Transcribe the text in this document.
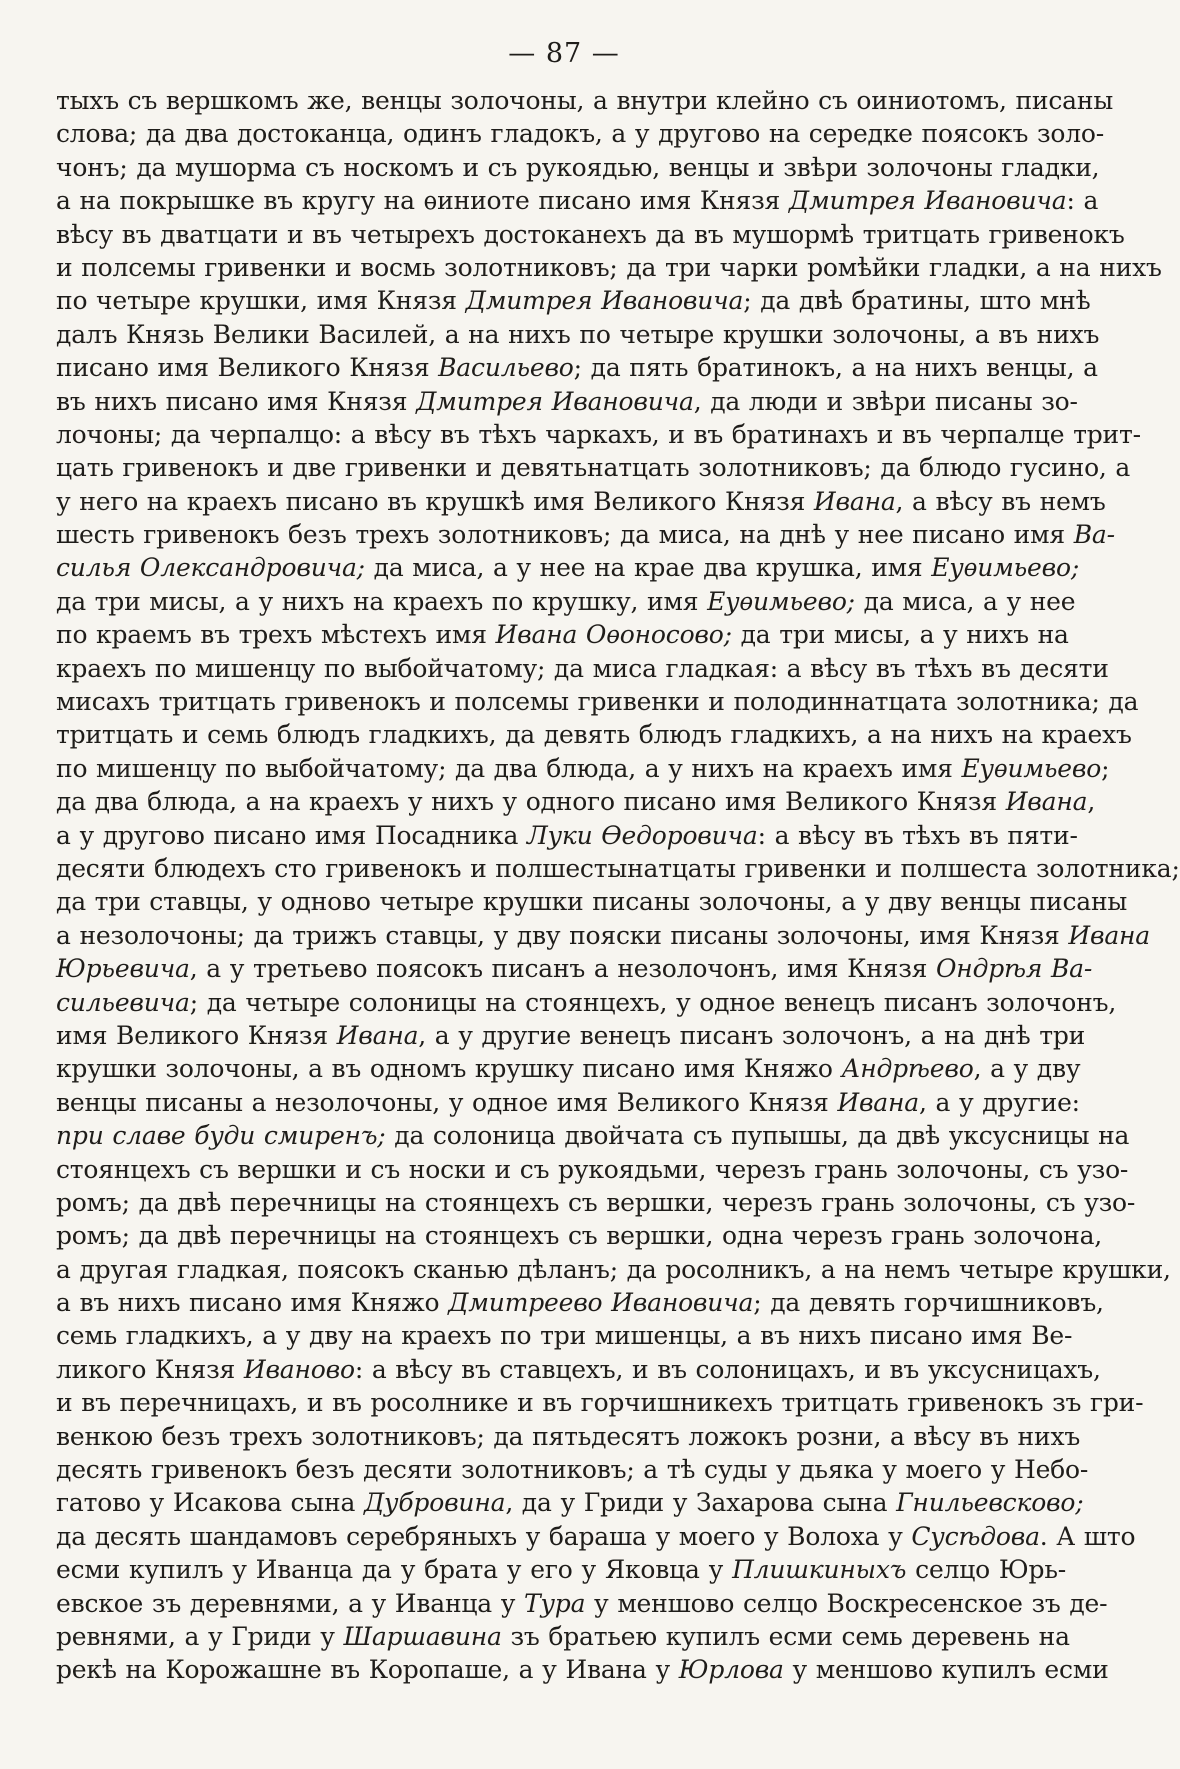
— 87 —
тыхъ съ вершкомъ же, венцы золочоны, а внутри клейно съ оиниотомъ, писаны
слова; да два достоканца, одинъ гладокъ, а у другово на середке поясокъ золо-
чонъ; да мушорма съ носкомъ и съ рукоядью, венцы и звѣри золочоны гладки,
а на покрышке въ кругу на ѳиниоте писано имя Князя Дмитрея Ивановича: а
вѣсу въ дватцати и въ четырехъ достоканехъ да въ мушормѣ тритцать гривенокъ
и полсемы гривенки и восмь золотниковъ; да три чарки ромѣйки гладки, а на нихъ
по четыре крушки, имя Князя Дмитрея Ивановича; да двѣ братины, што мнѣ
далъ Князь Велики Василей, а на нихъ по четыре крушки золочоны, а въ нихъ
писано имя Великого Князя Васильево; да пять братинокъ, а на нихъ венцы, а
въ нихъ писано имя Князя Дмитрея Ивановича, да люди и звѣри писаны зо-
лочоны; да черпалцо: а вѣсу въ тѣхъ чаркахъ, и въ братинахъ и въ черпалце трит-
цать гривенокъ и две гривенки и девятьнатцать золотниковъ; да блюдо гусино, а
у него на краехъ писано въ крушкѣ имя Великого Князя Ивана, а вѣсу въ немъ
шесть гривенокъ безъ трехъ золотниковъ; да миса, на днѣ у нее писано имя Ва-
силья Олександровича; да миса, а у нее на крае два крушка, имя Еуѳимьево;
да три мисы, а у нихъ на краехъ по крушку, имя Еуѳимьево; да миса, а у нее
по краемъ въ трехъ мѣстехъ имя Ивана Оѳоносово; да три мисы, а у нихъ на
краехъ по мишенцу по выбойчатому; да миса гладкая: а вѣсу въ тѣхъ въ десяти
мисахъ тритцать гривенокъ и полсемы гривенки и полодиннатцата золотника; да
тритцать и семь блюдъ гладкихъ, да девять блюдъ гладкихъ, а на нихъ на краехъ
по мишенцу по выбойчатому; да два блюда, а у нихъ на краехъ имя Еуѳимьево;
да два блюда, а на краехъ у нихъ у одного писано имя Великого Князя Ивана,
а у другово писано имя Посадника Луки Ѳедоровича: а вѣсу въ тѣхъ въ пяти-
десяти блюдехъ сто гривенокъ и полшестынатцаты гривенки и полшеста золотника;
да три ставцы, у одново четыре крушки писаны золочоны, а у дву венцы писаны
а незолочоны; да трижъ ставцы, у дву пояски писаны золочоны, имя Князя Ивана
Юрьевича, а у третьево поясокъ писанъ а незолочонъ, имя Князя Ондрѣя Ва-
сильевича; да четыре солоницы на стоянцехъ, у одное венецъ писанъ золочонъ,
имя Великого Князя Ивана, а у другие венецъ писанъ золочонъ, а на днѣ три
крушки золочоны, а въ одномъ крушку писано имя Княжо Андрѣево, а у дву
венцы писаны а незолочоны, у одное имя Великого Князя Ивана, а у другие:
при славе буди смиренъ; да солоница двойчата съ пупышы, да двѣ уксусницы на
стоянцехъ съ вершки и съ носки и съ рукоядьми, черезъ грань золочоны, съ узо-
ромъ; да двѣ перечницы на стоянцехъ съ вершки, черезъ грань золочоны, съ узо-
ромъ; да двѣ перечницы на стоянцехъ съ вершки, одна черезъ грань золочона,
а другая гладкая, поясокъ сканью дѣланъ; да росолникъ, а на немъ четыре крушки,
а въ нихъ писано имя Княжо Дмитреево Ивановича; да девять горчишниковъ,
семь гладкихъ, а у дву на краехъ по три мишенцы, а въ нихъ писано имя Ве-
ликого Князя Иваново: а вѣсу въ ставцехъ, и въ солоницахъ, и въ уксусницахъ,
и въ перечницахъ, и въ росолнике и въ горчишникехъ тритцать гривенокъ зъ гри-
венкою безъ трехъ золотниковъ; да пятьдесятъ ложокъ розни, а вѣсу въ нихъ
десять гривенокъ безъ десяти золотниковъ; а тѣ суды у дьяка у моего у Небо-
гатово у Исакова сына Дубровина, да у Гриди у Захарова сына Гнильевсково;
да десять шандамовъ серебряныхъ у бараша у моего у Волоха у Сусѣдова. А што
есми купилъ у Иванца да у брата у его у Яковца у Плишкиныхъ селцо Юрь-
евское зъ деревнями, а у Иванца у Тура у меншово селцо Воскресенское зъ де-
ревнями, а у Гриди у Шаршавина зъ братьею купилъ есми семь деревень на
рекѣ на Корожашне въ Коропаше, а у Ивана у Юрлова у меншово купилъ есми
